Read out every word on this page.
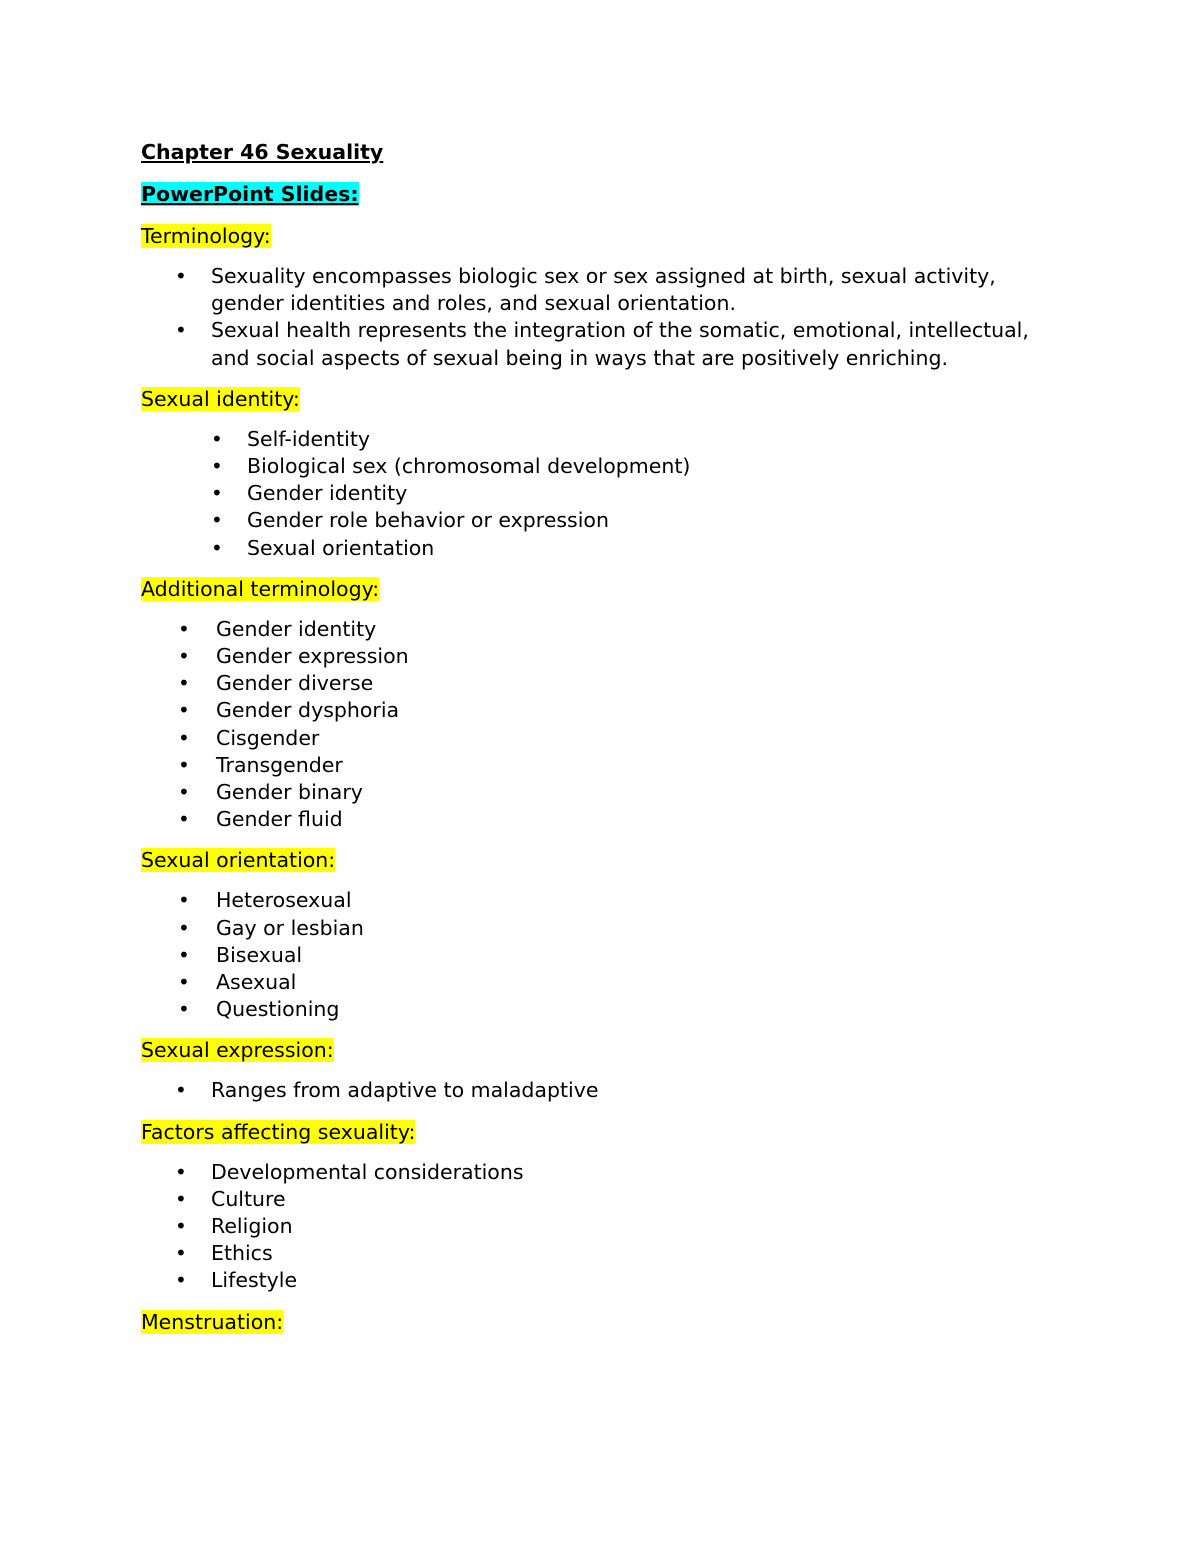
Chapter 46 Sexuality

PowerPoint Slides:

Terminology:

• Sexuality encompasses biologic sex or sex assigned at birth, sexual activity, gender identities and roles, and sexual orientation.
• Sexual health represents the integration of the somatic, emotional, intellectual, and social aspects of sexual being in ways that are positively enriching.

Sexual identity:

• Self-identity
• Biological sex (chromosomal development)
• Gender identity
• Gender role behavior or expression
• Sexual orientation

Additional terminology:

• Gender identity
• Gender expression
• Gender diverse
• Gender dysphoria
• Cisgender
• Transgender
• Gender binary
• Gender fluid

Sexual orientation:

• Heterosexual
• Gay or lesbian
• Bisexual
• Asexual
• Questioning

Sexual expression:

• Ranges from adaptive to maladaptive

Factors affecting sexuality:

• Developmental considerations
• Culture
• Religion
• Ethics
• Lifestyle

Menstruation:
